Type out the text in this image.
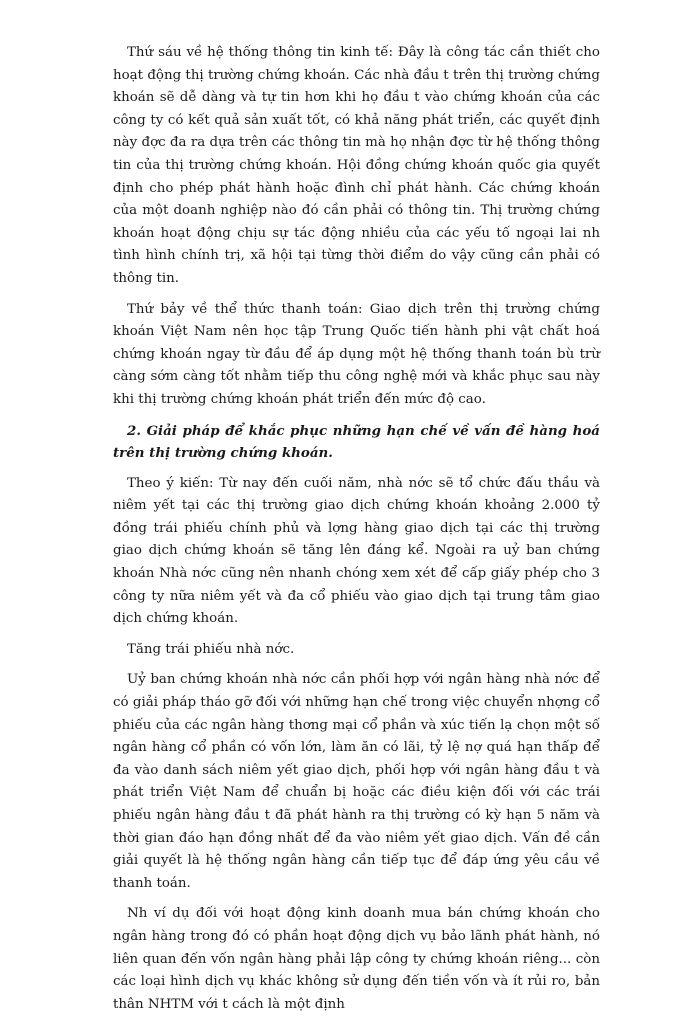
Thứ sáu về hệ thống thông tin kinh tế: Đây là công tác cần thiết cho hoạt động thị trường chứng khoán. Các nhà đầu t trên thị trường chứng khoán sẽ dễ dàng và tự tin hơn khi họ đầu t vào chứng khoán của các công ty có kết quả sản xuất tốt, có khả năng phát triển, các quyết định này đợc đa ra dựa trên các thông tin mà họ nhận đợc từ hệ thống thông tin của thị trường chứng khoán. Hội đồng chứng khoán quốc gia quyết định cho phép phát hành hoặc đình chỉ phát hành. Các chứng khoán của một doanh nghiệp nào đó cần phải có thông tin. Thị trường chứng khoán hoạt động chịu sự tác động nhiều của các yếu tố ngoại lai nh tình hình chính trị, xã hội tại từng thời điểm do vậy cũng cần phải có thông tin.

Thứ bảy về thể thức thanh toán: Giao dịch trên thị trường chứng khoán Việt Nam nên học tập Trung Quốc tiến hành phi vật chất hoá chứng khoán ngay từ đầu để áp dụng một hệ thống thanh toán bù trừ càng sớm càng tốt nhằm tiếp thu công nghệ mới và khắc phục sau này khi thị trường chứng khoán phát triển đến mức độ cao.

2. Giải pháp để khắc phục những hạn chế về vấn đề hàng hoá trên thị trường chứng khoán.

Theo ý kiến: Từ nay đến cuối năm, nhà nớc sẽ tổ chức đấu thầu và niêm yết tại các thị trường giao dịch chứng khoán khoảng 2.000 tỷ đồng trái phiếu chính phủ và lợng hàng giao dịch tại các thị trường giao dịch chứng khoán sẽ tăng lên đáng kể. Ngoài ra uỷ ban chứng khoán Nhà nớc cũng nên nhanh chóng xem xét để cấp giấy phép cho 3 công ty nữa niêm yết và đa cổ phiếu vào giao dịch tại trung tâm giao dịch chứng khoán.

Tăng trái phiếu nhà nớc.

Uỷ ban chứng khoán nhà nớc cần phối hợp với ngân hàng nhà nớc để có giải pháp tháo gỡ đối với những hạn chế trong việc chuyển nhợng cổ phiếu của các ngân hàng thơng mại cổ phần và xúc tiến lạ chọn một số ngân hàng cổ phần có vốn lớn, làm ăn có lãi, tỷ lệ nợ quá hạn thấp để đa vào danh sách niêm yết giao dịch, phối hợp với ngân hàng đầu t và phát triển Việt Nam để chuẩn bị hoặc các điều kiện đối với các trái phiếu ngân hàng đầu t đã phát hành ra thị trường có kỳ hạn 5 năm và thời gian đáo hạn đồng nhất để đa vào niêm yết giao dịch. Vấn đề cần giải quyết là hệ thống ngân hàng cần tiếp tục để đáp ứng yêu cầu về thanh toán.

Nh ví dụ đối với hoạt động kinh doanh mua bán chứng khoán cho ngân hàng trong đó có phần hoạt động dịch vụ bảo lãnh phát hành, nó liên quan đến vốn ngân hàng phải lập công ty chứng khoán riêng... còn các loại hình dịch vụ khác không sử dụng đến tiền vốn và ít rủi ro, bản thân NHTM với t cách là một định
